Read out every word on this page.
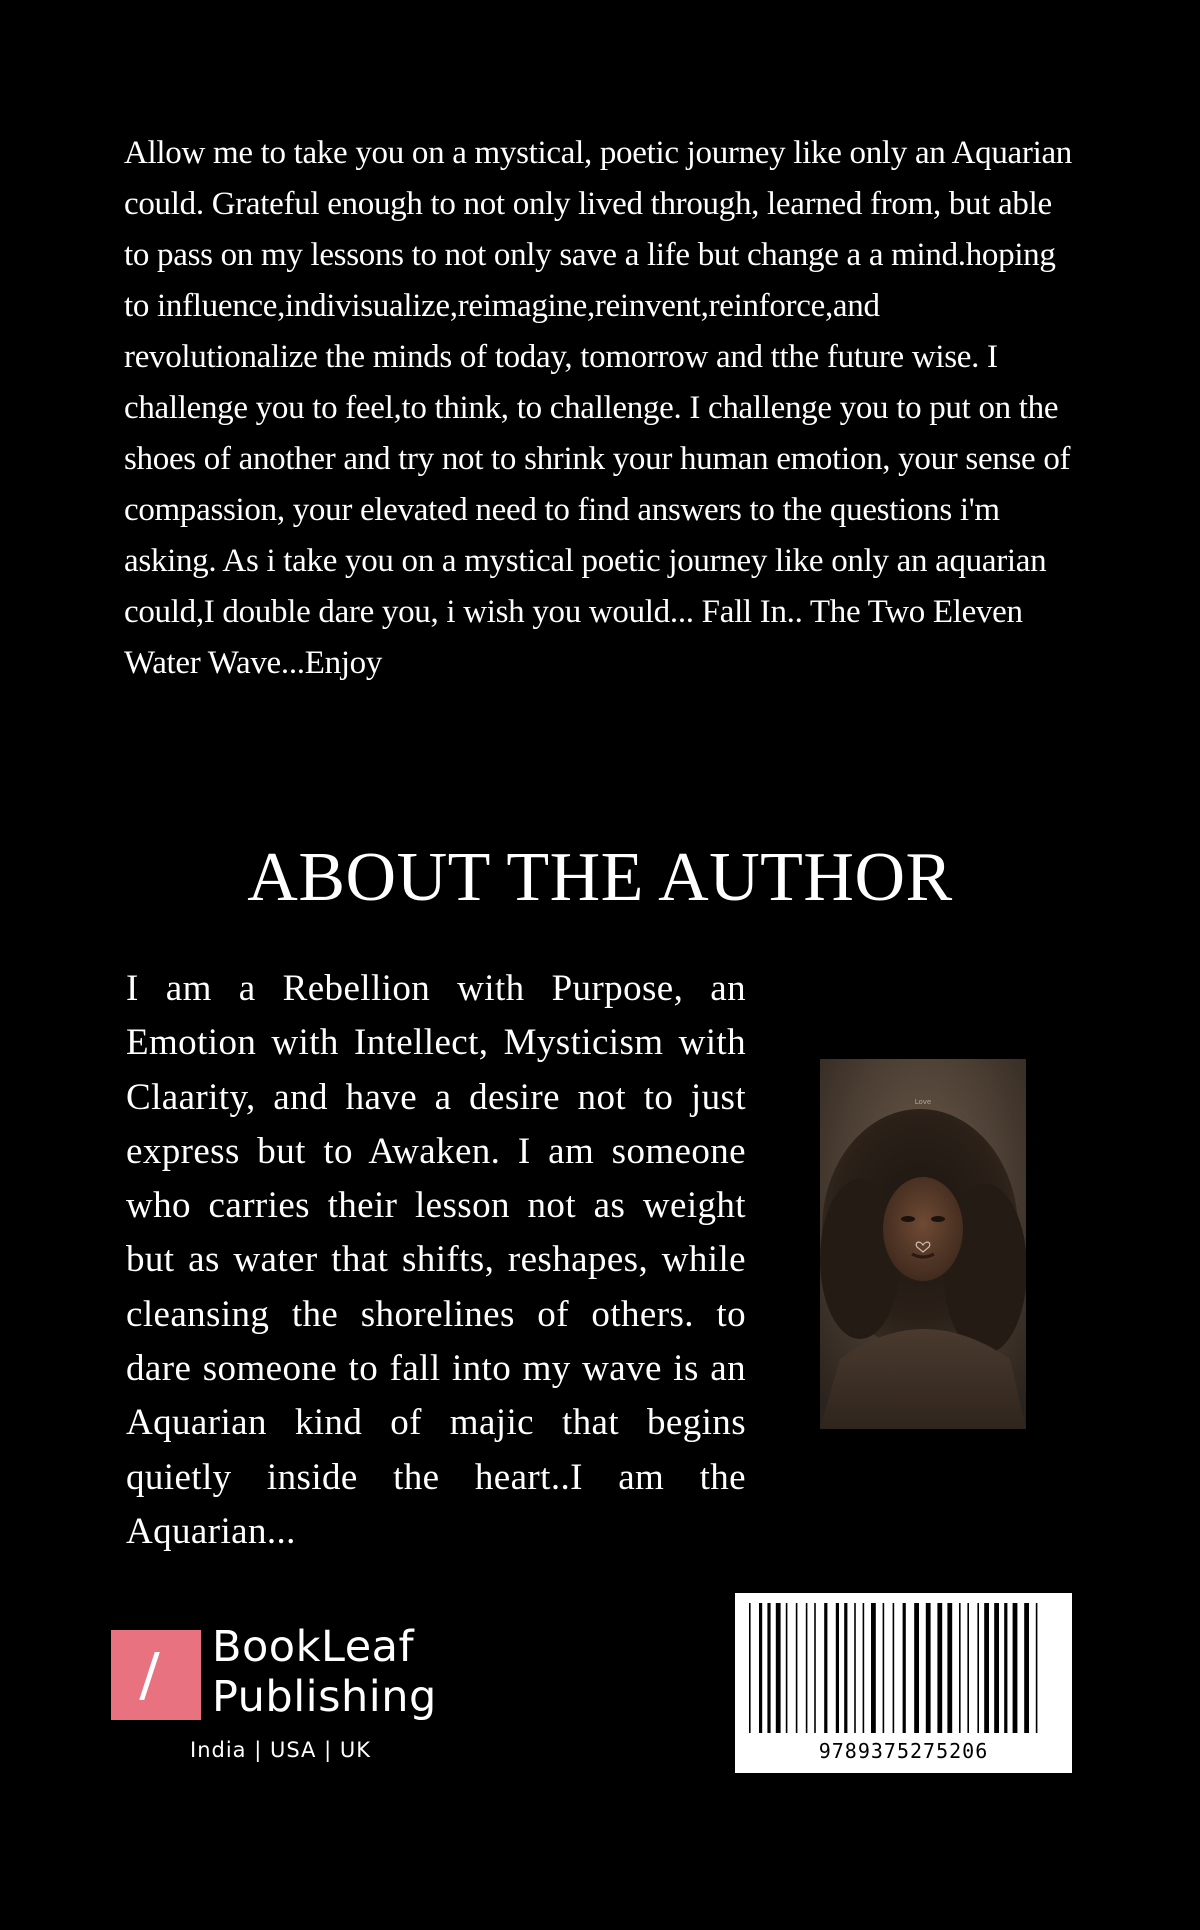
Allow me to take you on a mystical, poetic journey like only an Aquarian could. Grateful enough to not only lived through, learned from, but able to pass on my lessons to not only save a life but change a a mind.hoping to influence,indivisualize,reimagine,reinvent,reinforce,and revolutionalize the minds of today, tomorrow and tthe future wise. I challenge you to feel,to think, to challenge. I challenge you to put on the shoes of another and try not to shrink your human emotion, your sense of compassion, your elevated need to find answers to the questions i'm asking. As i take you on a mystical poetic journey like only an aquarian could,I double dare you, i wish you would... Fall In.. The Two Eleven Water Wave...Enjoy

ABOUT THE AUTHOR

I am a Rebellion with Purpose, an Emotion with Intellect, Mysticism with Claarity, and have a desire not to just express but to Awaken. I am someone who carries their lesson not as weight but as water that shifts, reshapes, while cleansing the shorelines of others. to dare someone to fall into my wave is an Aquarian kind of majic that begins quietly inside the heart..I am the Aquarian...

Love
BookLeaf
Publishing
India | USA | UK	9789375275206
